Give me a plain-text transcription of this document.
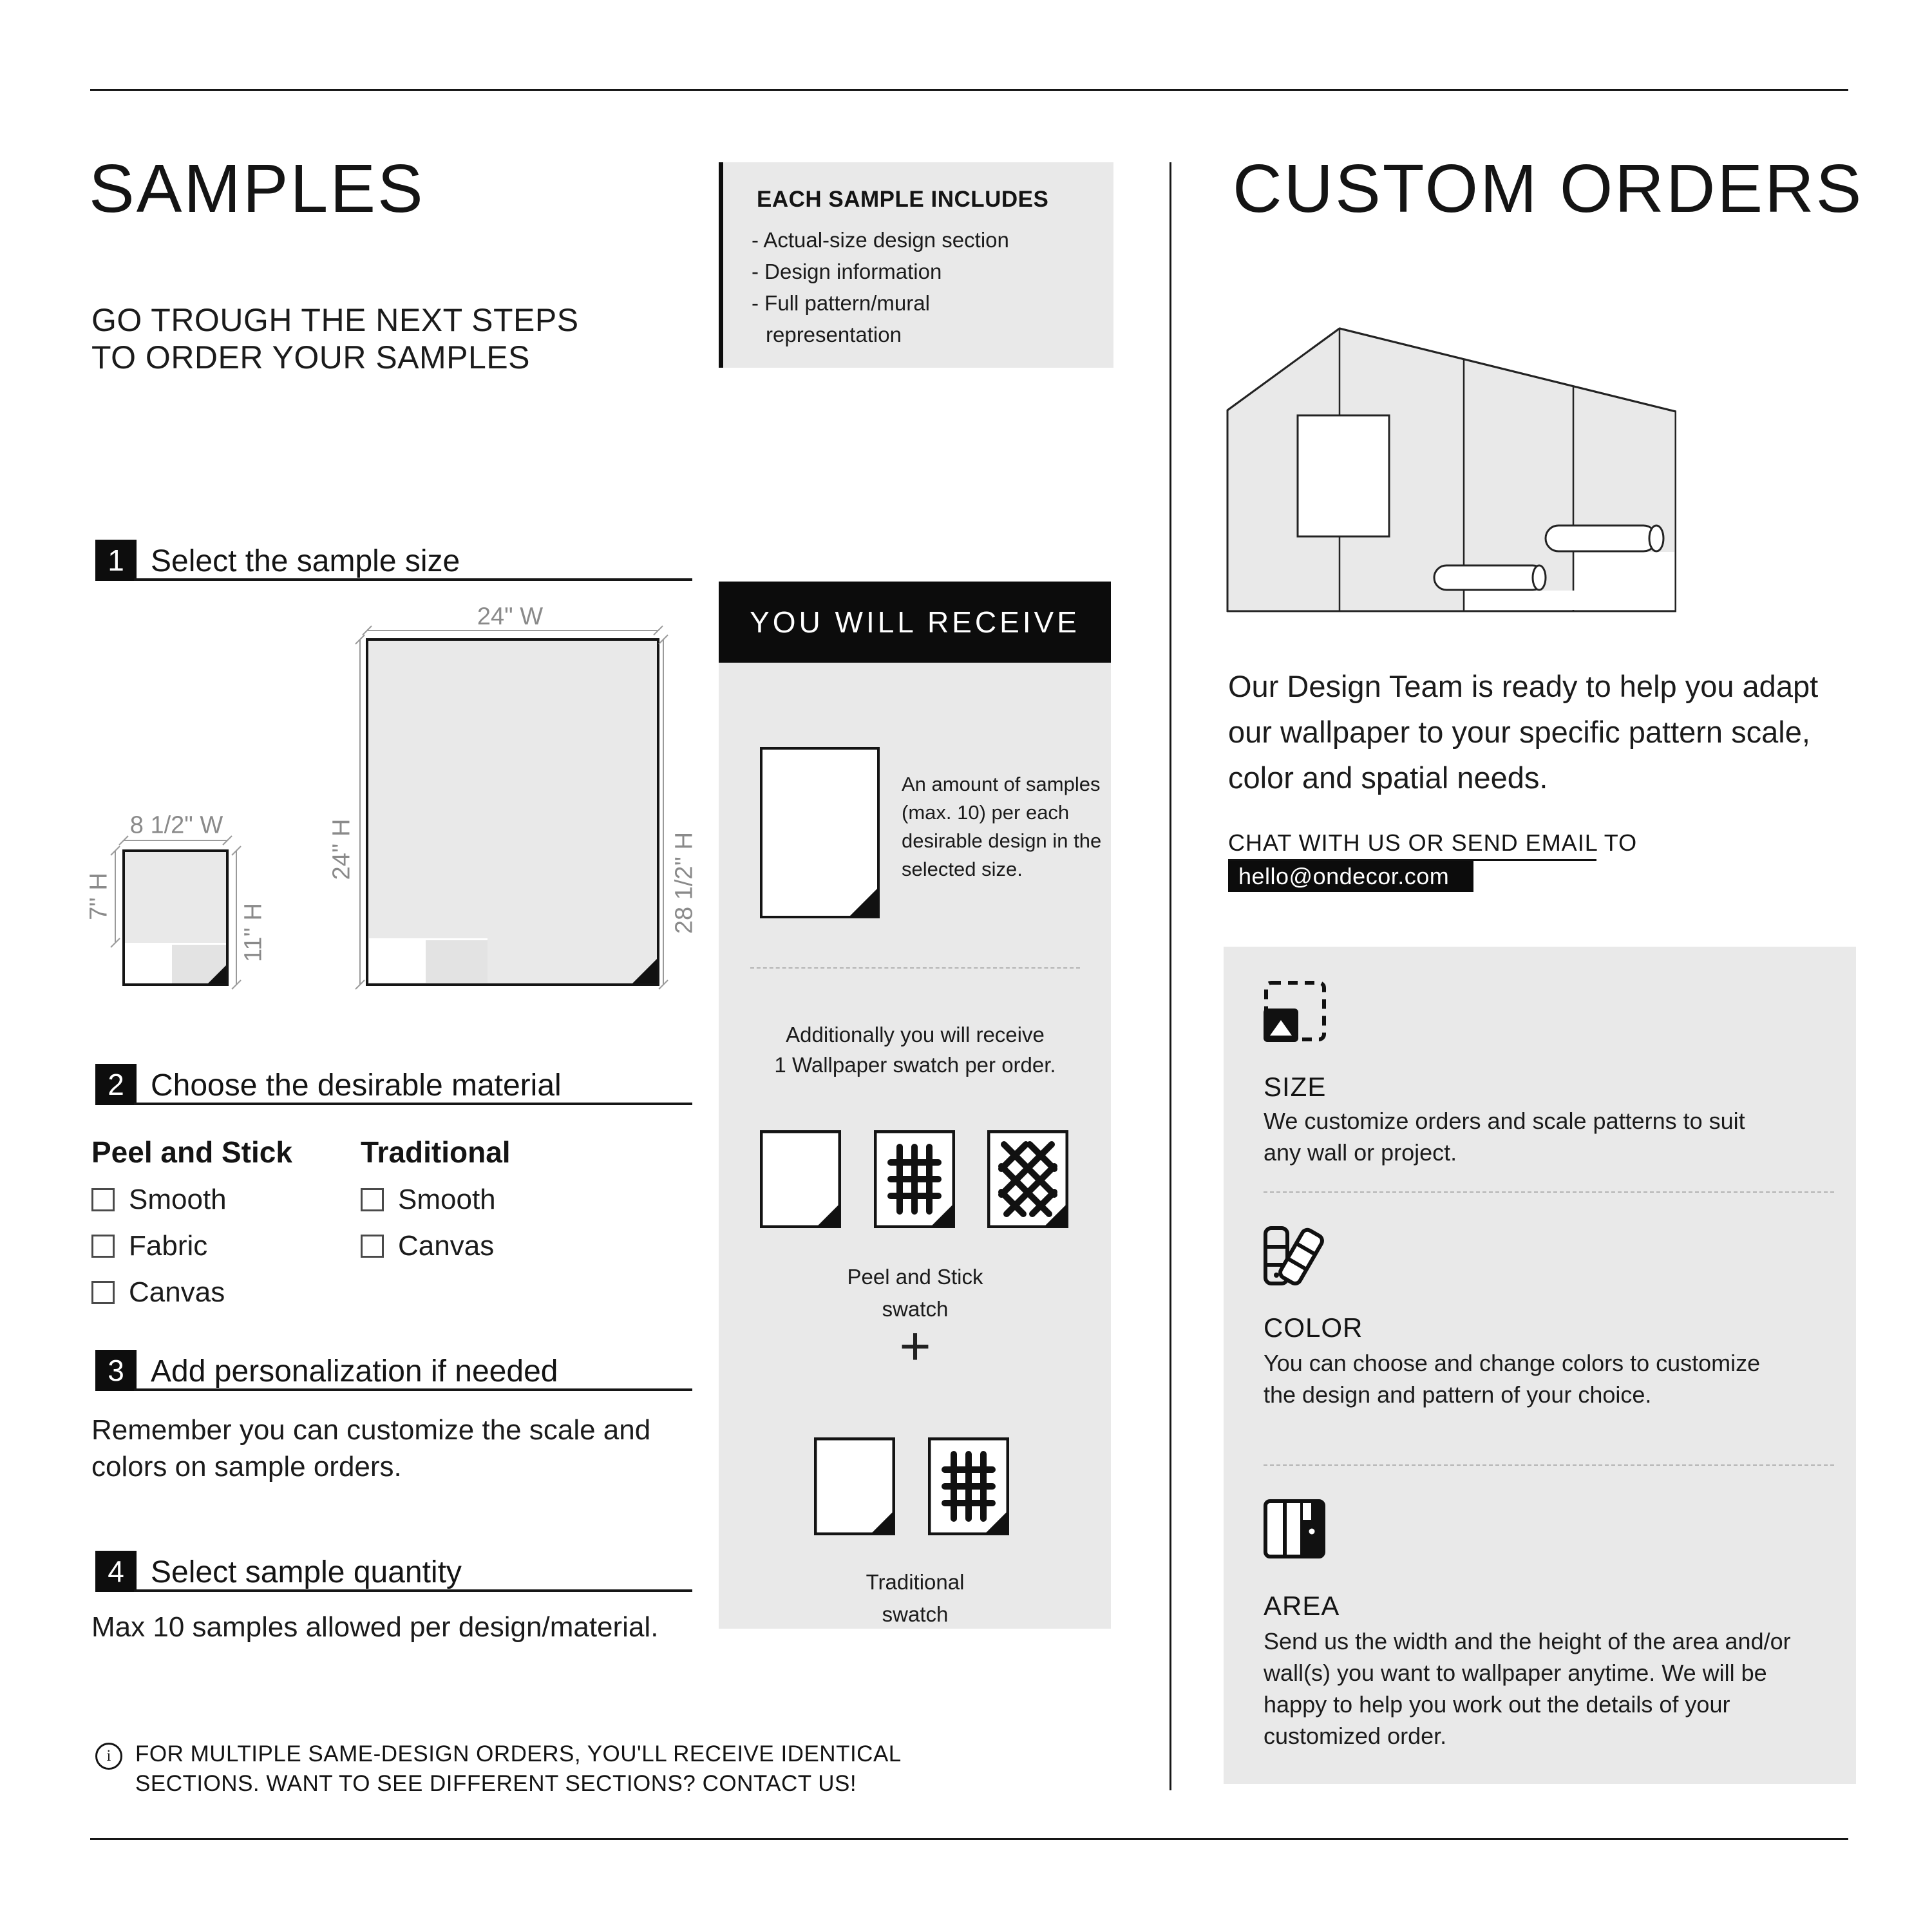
SAMPLES
GO TROUGH THE NEXT STEPS
TO ORDER YOUR SAMPLES
1 Select the sample size
24" W
24'' H	28 1/2'' H
8 1/2" W
7'' H
11'' H
2 Choose the desirable material
Peel and Stick Traditional
Smooth
Fabric
Canvas
Smooth
Canvas
3 Add personalization if needed
Remember you can customize the scale and colors on sample orders.
4 Select sample quantity
Max 10 samples allowed per design/material.
i FOR MULTIPLE SAME-DESIGN ORDERS, YOU'LL RECEIVE IDENTICAL
SECTIONS. WANT TO SEE DIFFERENT SECTIONS? CONTACT US!
EACH SAMPLE INCLUDES
- Actual-size design section
- Design information
- Full pattern/mural
representation
YOU WILL RECEIVE
An amount of samples (max. 10) per each desirable design in the selected size.
Additionally you will receive
1 Wallpaper swatch per order.
Peel and Stick
swatch
+
Traditional
swatch
CUSTOM ORDERS
Our Design Team is ready to help you adapt our wallpaper to your specific pattern scale, color and spatial needs.
CHAT WITH US OR SEND EMAIL TO
hello@ondecor.com
SIZE
We customize orders and scale patterns to suit any wall or project.
COLOR
You can choose and change colors to customize the design and pattern of your choice.
AREA
Send us the width and the height of the area and/or wall(s) you want to wallpaper anytime. We will be happy to help you work out the details of your customized order.
